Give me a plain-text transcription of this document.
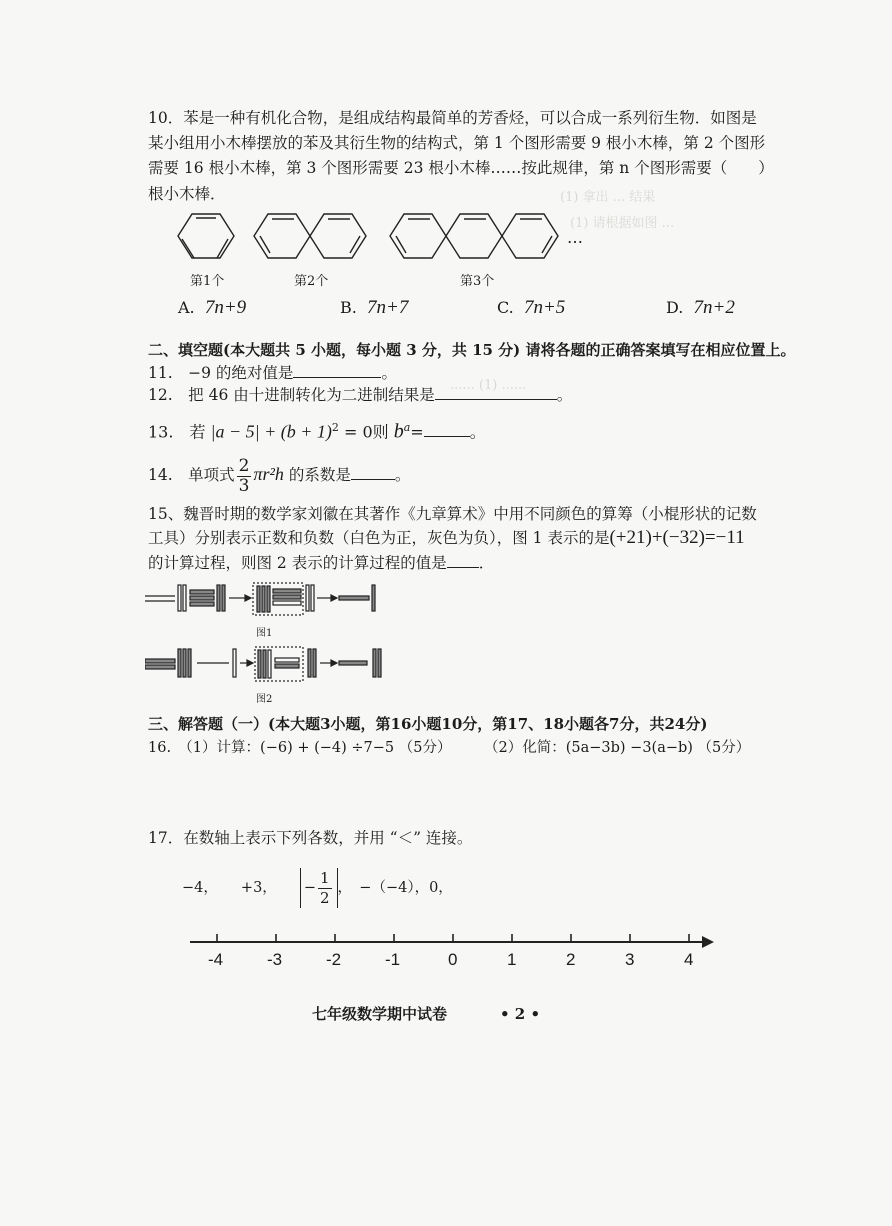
(1) 拿出 ... 结果
(1) 请根据如图 ...
...... (1) ......
10．苯是一种有机化合物，是组成结构最简单的芳香烃，可以合成一系列衍生物．如图是
某小组用小木棒摆放的苯及其衍生物的结构式，第 1 个图形需要 9 根小木棒，第 2 个图形
需要 16 根小木棒，第 3 个图形需要 23 根小木棒……按此规律，第 n 个图形需要（　　）
根小木棒．
…
第1个	第2个	第3个
A. 7n+9	B. 7n+7	C. 7n+5	D. 7n+2
二、填空题(本大题共 5 小题，每小题 3 分，共 15 分) 请将各题的正确答案填写在相应位置上。
11.　−9 的绝对值是	。
12.　把 46 由十进制转化为二进制结果是	。
13.　若 $|a - 5| + (b + 1)^2 = 0$则 $b^a=$	。
14.　单项式 $\frac{2}{3} \pi r^2h$ 的系数是	。
15、魏晋时期的数学家刘徽在其著作《九章算术》中用不同颜色的算筹（小棍形状的记数
工具）分别表示正数和负数（白色为正，灰色为负），图 1 表示的是(+21)+(−32)=−11
的计算过程，则图 2 表示的计算过程的值是 ．
图1
图2
三、解答题（一）(本大题3小题，第16小题10分，第17、18小题各7分，共24分)
16.　（1）计算：(−6) + (−4) ÷7−5 （5分） （2）化简：(5a−3b) −3(a−b) （5分）
17．在数轴上表示下列各数，并用 “＜” 连接。
−4， +3， − $\frac{1}{2}$ ，　−（−4），0，
-4	-3	-2	-1	0	1	2	3	4
七年级数学期中试卷	• 2 •
